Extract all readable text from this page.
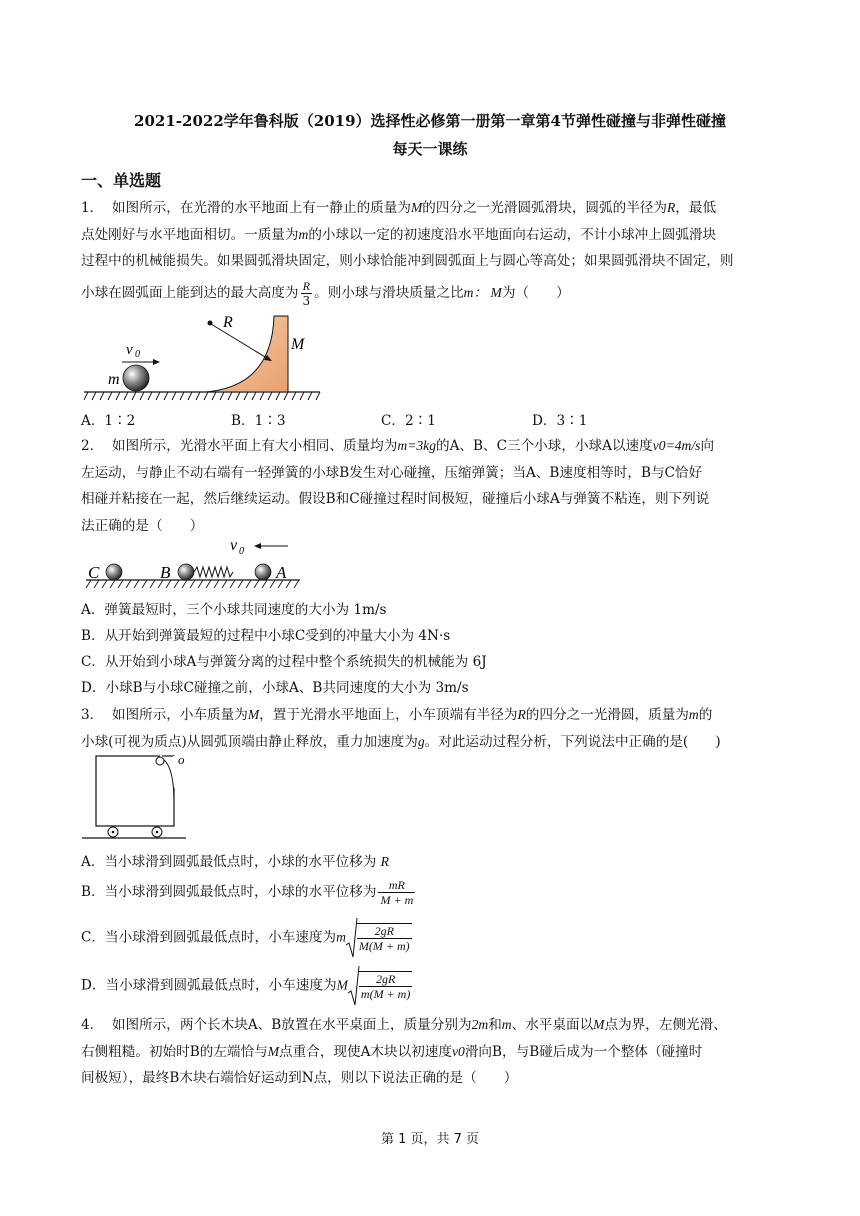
2021-2022学年鲁科版（2019）选择性必修第一册第一章第4节弹性碰撞与非弹性碰撞
每天一课练
一、单选题
1． 如图所示，在光滑的水平地面上有一静止的质量为M的四分之一光滑圆弧滑块，圆弧的半径为R，最低
点处刚好与水平地面相切。一质量为m的小球以一定的初速度沿水平地面向右运动，不计小球冲上圆弧滑块
过程中的机械能损失。如果圆弧滑块固定，则小球恰能冲到圆弧面上与圆心等高处；如果圆弧滑块不固定，则
小球在圆弧面上能到达的最大高度为 $\frac{R}{3}$ 。则小球与滑块质量之比m： M为（　　）
R
M
m
v 0
A．1∶2	B．1∶3	C．2∶1	D．3∶1
2． 如图所示，光滑水平面上有大小相同、质量均为m=3kg的A、B、C三个小球，小球A以速度v0=4m/s向
左运动，与静止不动右端有一轻弹簧的小球B发生对心碰撞，压缩弹簧；当A、B速度相等时，B与C恰好
相碰并粘接在一起，然后继续运动。假设B和C碰撞过程时间极短，碰撞后小球A与弹簧不粘连，则下列说
法正确的是（　　）
C	B	A
v 0
A．弹簧最短时，三个小球共同速度的大小为 1m/s
B．从开始到弹簧最短的过程中小球C受到的冲量大小为 4N·s
C．从开始到小球A与弹簧分离的过程中整个系统损失的机械能为 6J
D．小球B与小球C碰撞之前，小球A、B共同速度的大小为 3m/s
3． 如图所示，小车质量为M，置于光滑水平地面上，小车顶端有半径为R的四分之一光滑圆，质量为m的
小球(可视为质点)从圆弧顶端由静止释放，重力加速度为g。对此运动过程分析，下列说法中正确的是(　　)
o
A．当小球滑到圆弧最低点时，小球的水平位移为 R
B．当小球滑到圆弧最低点时，小球的水平位移为 $\frac{mR}{M + m}$
C．当小球滑到圆弧最低点时，小车速度为m $\frac{2gR}{M(M + m)}$
D．当小球滑到圆弧最低点时，小车速度为M $\frac{2gR}{m(M + m)}$
4． 如图所示，两个长木块A、B放置在水平桌面上，质量分别为2m和m、水平桌面以M点为界，左侧光滑、
右侧粗糙。初始时B的左端恰与M点重合，现使A木块以初速度v0滑向B，与B碰后成为一个整体（碰撞时
间极短），最终B木块右端恰好运动到N点，则以下说法正确的是（　　）
第 1 页，共 7 页
